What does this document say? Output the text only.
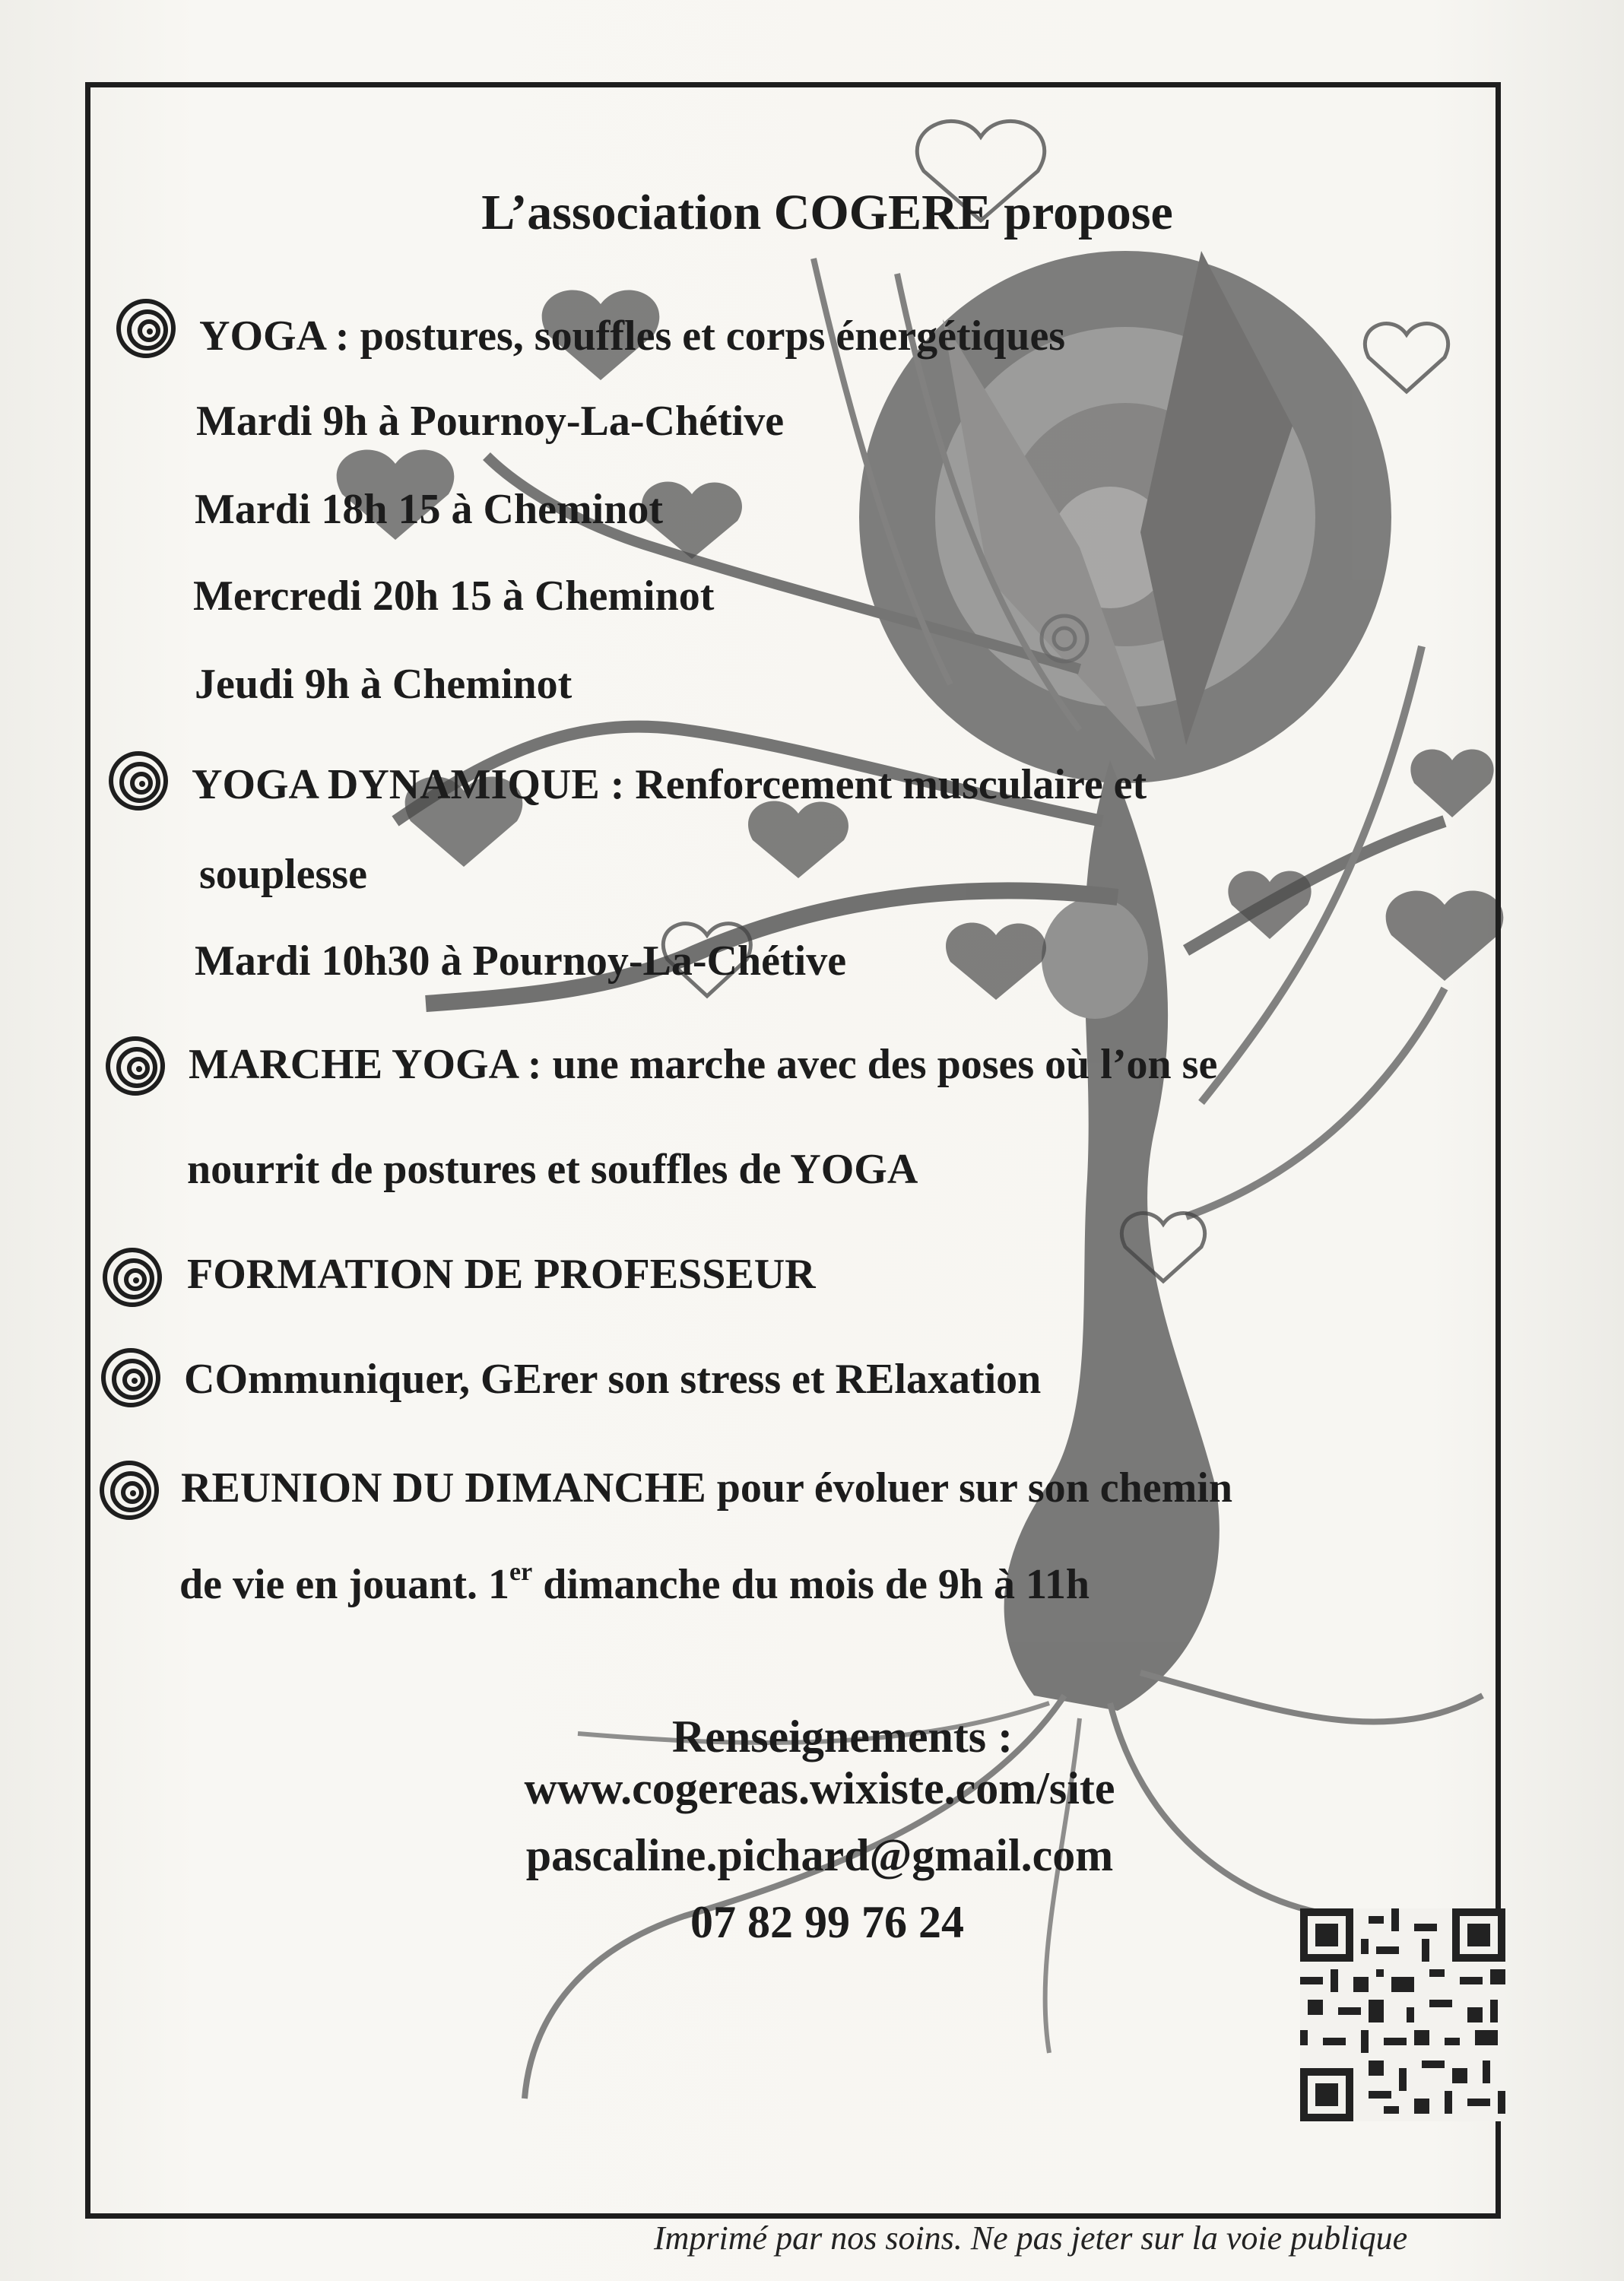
L’association COGERE propose
YOGA : postures, souffles et corps énergétiques
Mardi 9h à Pournoy-La-Chétive
Mardi 18h 15 à Cheminot
Mercredi 20h 15 à Cheminot
Jeudi 9h à Cheminot
YOGA DYNAMIQUE : Renforcement musculaire et
souplesse
Mardi 10h30 à Pournoy-La-Chétive
MARCHE YOGA : une marche avec des poses où l’on se
nourrit de postures et souffles de YOGA
FORMATION DE PROFESSEUR
COmmuniquer, GErer son stress et RElaxation
REUNION DU DIMANCHE pour évoluer sur son chemin
de vie en jouant. 1er dimanche du mois de 9h à 11h
Renseignements :
www.cogereas.wixiste.com/site
pascaline.pichard@gmail.com
07 82 99 76 24
Imprimé par nos soins. Ne pas jeter sur la voie publique
